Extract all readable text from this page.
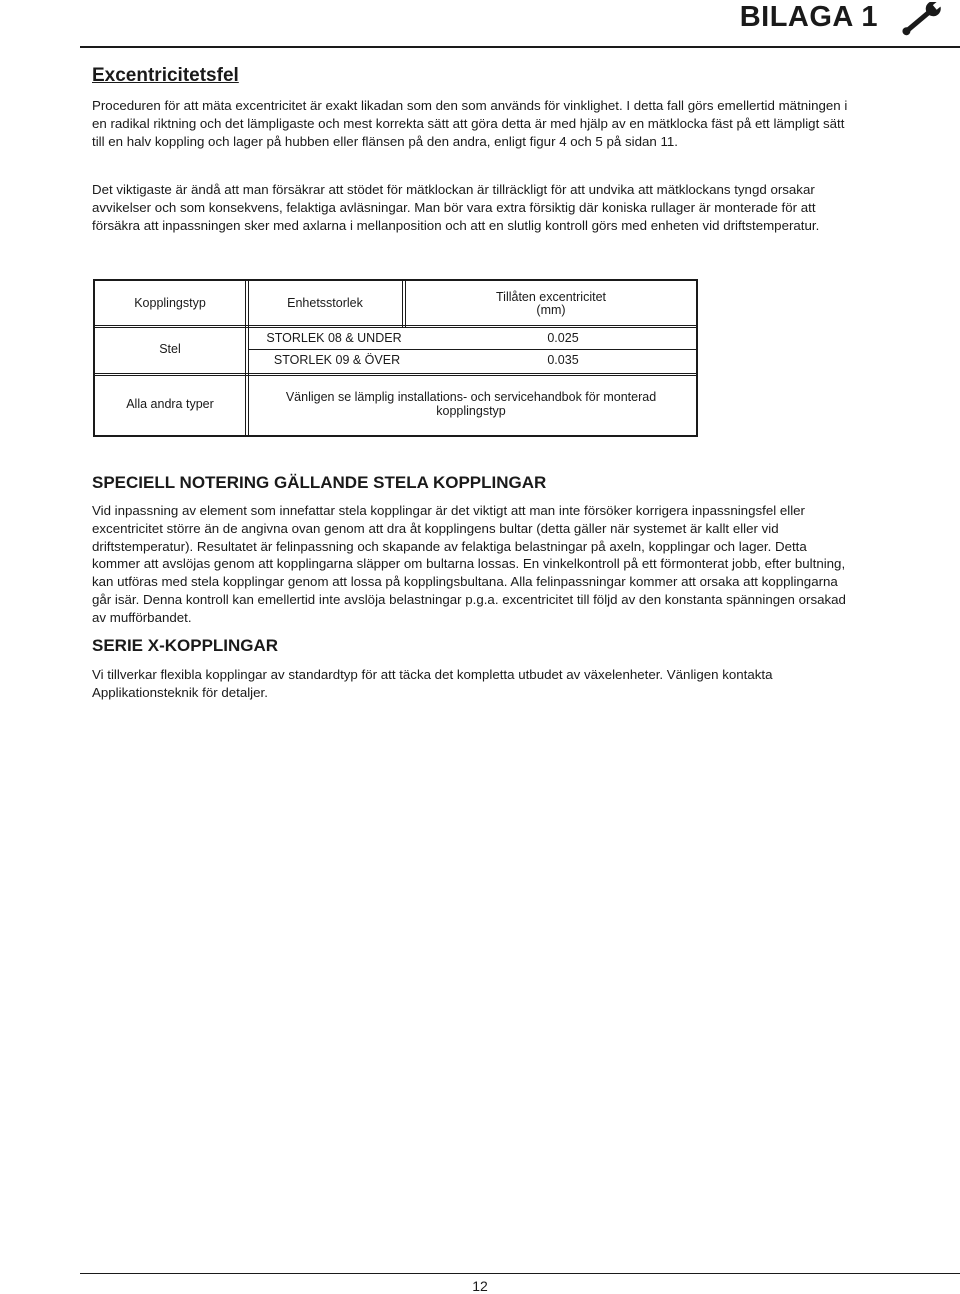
BILAGA 1
Excentricitetsfel

Proceduren för att mäta excentricitet är exakt likadan som den som används för vinklighet. I detta fall görs emellertid mätningen i en radikal riktning och det lämpligaste och mest korrekta sätt att göra detta är med hjälp av en mätklocka fäst på ett lämpligt sätt till en halv koppling och lager på hubben eller flänsen på den andra, enligt figur 4 och 5 på sidan 11.

Det viktigaste är ändå att man försäkrar att stödet för mätklockan är tillräckligt för att undvika att mätklockans tyngd orsakar avvikelser och som konsekvens, felaktiga avläsningar. Man bör vara extra försiktig där koniska rullager är monterade för att försäkra att inpassningen sker med axlarna i mellanposition och att en slutlig kontroll görs med enheten vid driftstemperatur.

Kopplingstyp	Enhetsstorlek	Tillåten excentricitet
(mm)
Stel
STORLEK 08 & UNDER	0.025
STORLEK 09 & ÖVER	0.035
Alla andra typer	Vänligen se lämplig installations- och servicehandbok för monterad kopplingstyp
SPECIELL NOTERING GÄLLANDE STELA KOPPLINGAR

Vid inpassning av element som innefattar stela kopplingar är det viktigt att man inte försöker korrigera inpassningsfel eller excentricitet större än de angivna ovan genom att dra åt kopplingens bultar (detta gäller när systemet är kallt eller vid driftstemperatur). Resultatet är felinpassning och skapande av felaktiga belastningar på axeln, kopplingar och lager. Detta kommer att avslöjas genom att kopplingarna släpper om bultarna lossas. En vinkelkontroll på ett förmonterat jobb, efter bultning, kan utföras med stela kopplingar genom att lossa på kopplingsbultana. Alla felinpassningar kommer att orsaka att kopplingarna går isär. Denna kontroll kan emellertid inte avslöja belastningar p.g.a. excentricitet till följd av den konstanta spänningen orsakad av mufförbandet.

SERIE X-KOPPLINGAR

Vi tillverkar flexibla kopplingar av standardtyp för att täcka det kompletta utbudet av växelenheter. Vänligen kontakta Applikationsteknik för detaljer.

12
